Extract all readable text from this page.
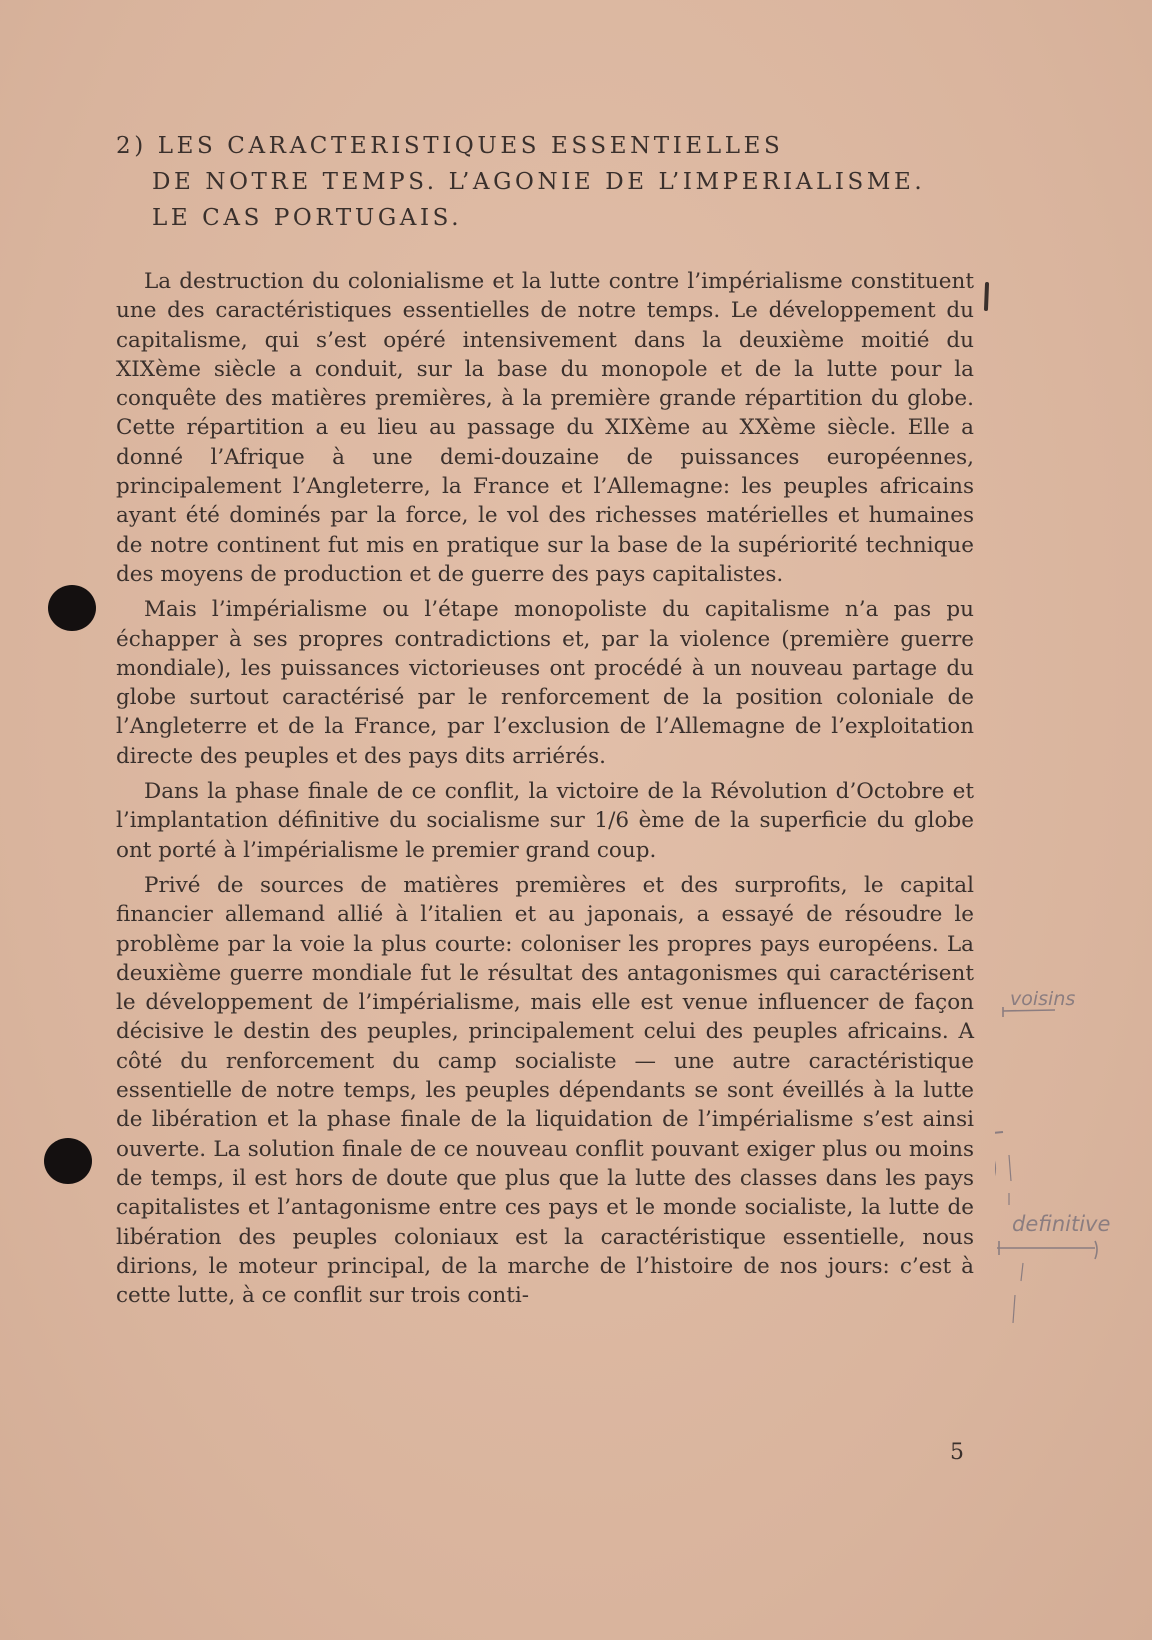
2) LES CARACTERISTIQUES ESSENTIELLES
DE NOTRE TEMPS. L’AGONIE DE L’IMPERIALISME.
LE CAS PORTUGAIS.

La destruction du colonialisme et la lutte contre l’impérialisme constituent une des caractéristiques essentielles de notre temps. Le développement du capitalisme, qui s’est opéré intensivement dans la deuxième moitié du XIXème siècle a conduit, sur la base du monopole et de la lutte pour la conquête des matières premières, à la première grande répartition du globe. Cette répartition a eu lieu au passage du XIXème au XXème siècle. Elle a donné l’Afrique à une demi-douzaine de puissances européennes, principalement l’Angleterre, la France et l’Allemagne: les peuples africains ayant été dominés par la force, le vol des richesses matérielles et humaines de notre continent fut mis en pratique sur la base de la supériorité technique des moyens de production et de guerre des pays capitalistes.

Mais l’impérialisme ou l’étape monopoliste du capitalisme n’a pas pu échapper à ses propres contradictions et, par la violence (première guerre mondiale), les puissances victorieuses ont procédé à un nouveau partage du globe surtout caractérisé par le renforcement de la position coloniale de l’Angleterre et de la France, par l’exclusion de l’Allemagne de l’exploitation directe des peuples et des pays dits arriérés.

Dans la phase finale de ce conflit, la victoire de la Révolution d’Octobre et l’implantation définitive du socialisme sur 1/6 ème de la superficie du globe ont porté à l’impérialisme le premier grand coup.

Privé de sources de matières premières et des surprofits, le capital financier allemand allié à l’italien et au japonais, a essayé de résoudre le problème par la voie la plus courte: coloniser les propres pays européens. La deuxième guerre mondiale fut le résultat des antagonismes qui caractérisent le développement de l’impérialisme, mais elle est venue influencer de façon décisive le destin des peuples, principalement celui des peuples africains. A côté du renforcement du camp socialiste — une autre caractéristique essentielle de notre temps, les peuples dépendants se sont éveillés à la lutte de libération et la phase finale de la liquidation de l’impérialisme s’est ainsi ouverte. La solution finale de ce nouveau conflit pouvant exiger plus ou moins de temps, il est hors de doute que plus que la lutte des classes dans les pays capitalistes et l’antagonisme entre ces pays et le monde socialiste, la lutte de libération des peuples coloniaux est la caractéristique essentielle, nous dirions, le moteur principal, de la marche de l’histoire de nos jours: c’est à cette lutte, à ce conflit sur trois conti-

5
voisins
definitive
